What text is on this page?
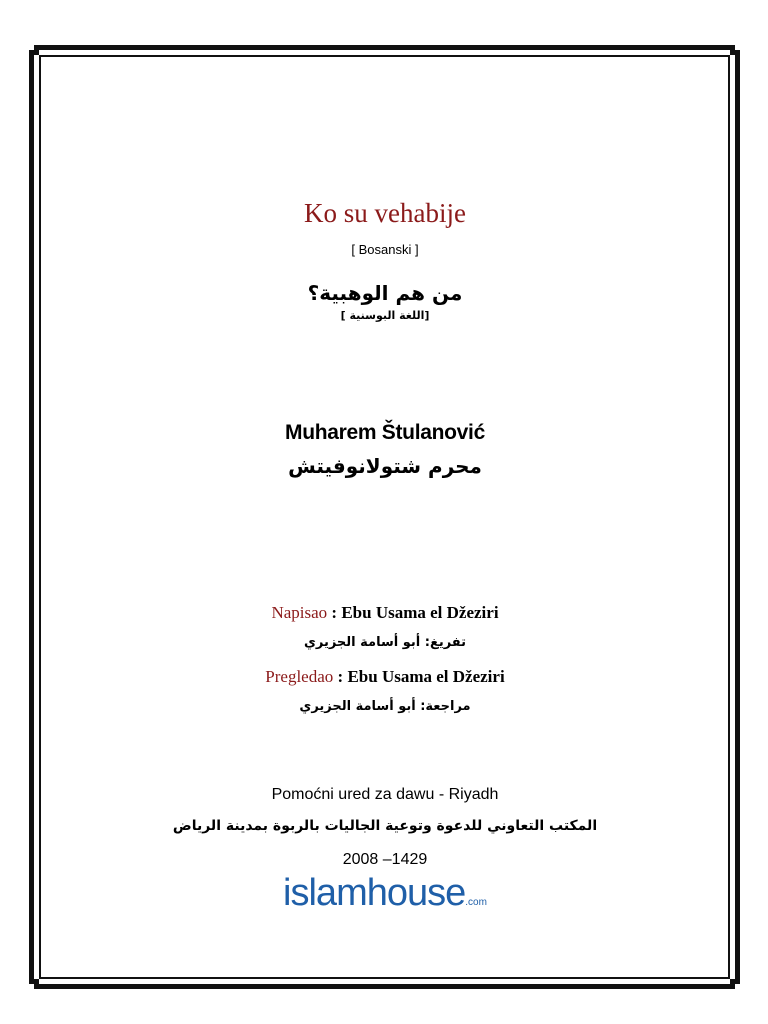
Ko su vehabije
[ Bosanski ]
من هم الوهبية؟
[اللغة البوسنية ]
Muharem Štulanović
محرم شتولانوفيتش
Napisao : Ebu Usama el Džeziri
تفريغ: أبو أسامة الجزيري
Pregledao : Ebu Usama el Džeziri
مراجعة: أبو أسامة الجزيري
Pomoćni ured za dawu - Riyadh
المكتب التعاوني للدعوة وتوعية الجاليات بالربوة بمدينة الرياض
2008 –1429
islamhouse.com
